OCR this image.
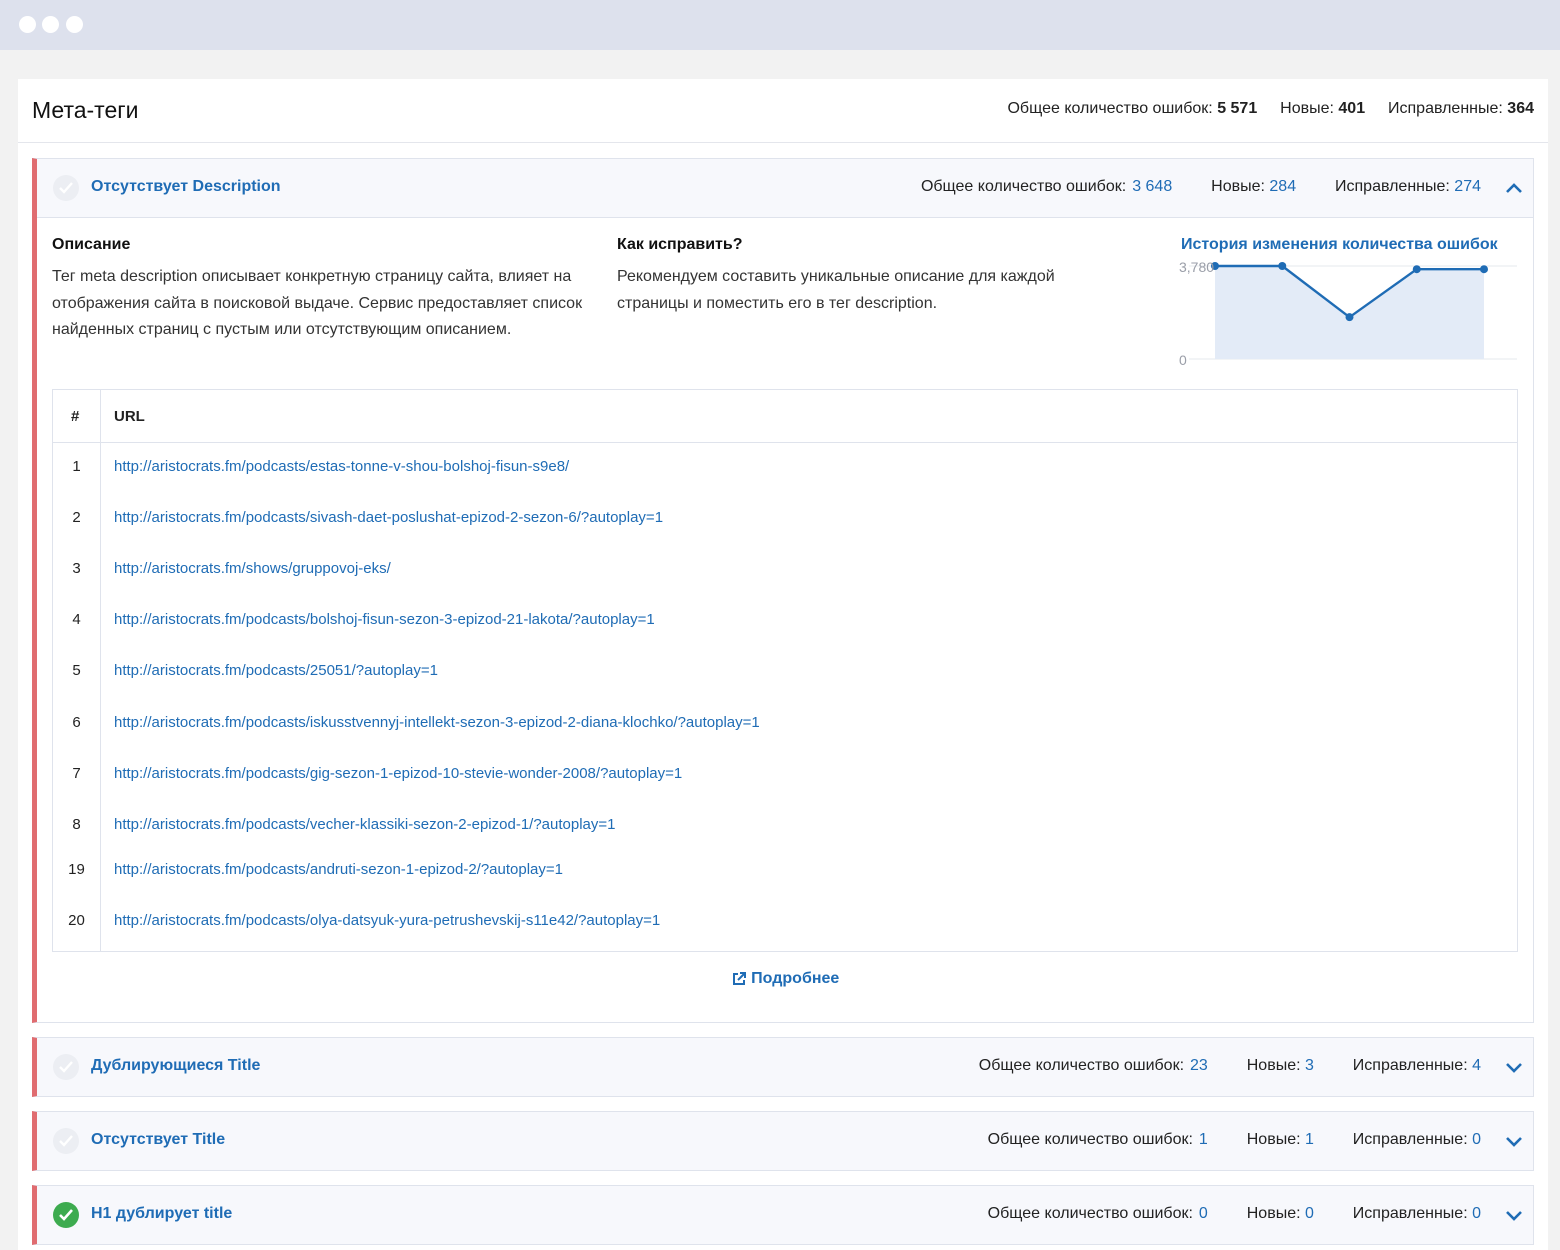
Мета-теги	Общее количество ошибок: 5 571 Новые: 401 Исправленные: 364
Отсутствует Description	Общее количество ошибок: 3 648 Новые: 284 Исправленные: 274
Описание
Тег meta description описывает конкретную страницу сайта, влияет на отображения сайта в поисковой выдаче. Сервис предоставляет список найденных страниц с пустым или отсутствующим описанием.
Как исправить?
Рекомендуем составить уникальные описание для каждой страницы и поместить его в тег description.
История изменения количества ошибок
3,780
0
# URL
1	http://aristocrats.fm/podcasts/estas-tonne-v-shou-bolshoj-fisun-s9e8/
2	http://aristocrats.fm/podcasts/sivash-daet-poslushat-epizod-2-sezon-6/?autoplay=1
3	http://aristocrats.fm/shows/gruppovoj-eks/
4	http://aristocrats.fm/podcasts/bolshoj-fisun-sezon-3-epizod-21-lakota/?autoplay=1
5	http://aristocrats.fm/podcasts/25051/?autoplay=1
6	http://aristocrats.fm/podcasts/iskusstvennyj-intellekt-sezon-3-epizod-2-diana-klochko/?autoplay=1
7	http://aristocrats.fm/podcasts/gig-sezon-1-epizod-10-stevie-wonder-2008/?autoplay=1
8	http://aristocrats.fm/podcasts/vecher-klassiki-sezon-2-epizod-1/?autoplay=1
19	http://aristocrats.fm/podcasts/andruti-sezon-1-epizod-2/?autoplay=1
20	http://aristocrats.fm/podcasts/olya-datsyuk-yura-petrushevskij-s11e42/?autoplay=1
Подробнее
Дублирующиеся Title	Общее количество ошибок: 23 Новые: 3 Исправленные: 4
Отсутствует Title	Общее количество ошибок: 1 Новые: 1 Исправленные: 0
H1 дублирует title	Общее количество ошибок: 0 Новые: 0 Исправленные: 0
